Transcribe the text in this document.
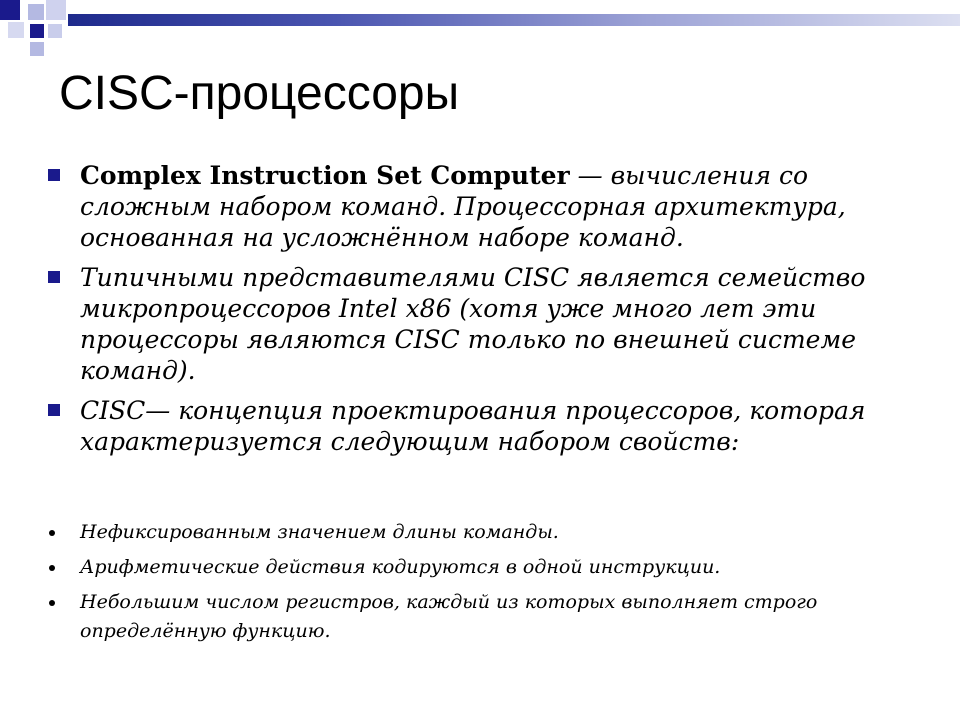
CISC-процессоры
Complex Instruction Set Computer — вычисления со сложным набором команд. Процессорная архитектура, основанная на усложнённом наборе команд.
Типичными представителями CISC является семейство микропроцессоров Intel x86 (хотя уже много лет эти процессоры являются CISC только по внешней системе команд).
CISC— концепция проектирования процессоров, которая характеризуется следующим набором свойств:
Нефиксированным значением длины команды.
Арифметические действия кодируются в одной инструкции.
Небольшим числом регистров, каждый из которых выполняет строго определённую функцию.
